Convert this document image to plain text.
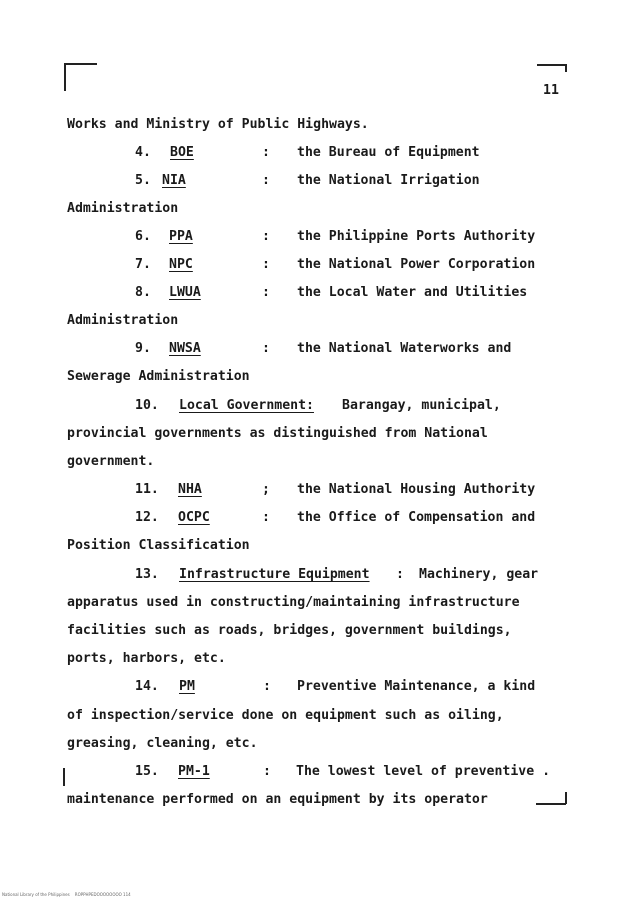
11
Works and Ministry of Public Highways.
4. BOE	: the Bureau of Equipment
5. NIA	: the National Irrigation
Administration
6. PPA	: the Philippine Ports Authority
7. NPC	: the National Power Corporation
8. LWUA	: the Local Water and Utilities
Administration
9. NWSA	: the National Waterworks and
Sewerage Administration
10. Local Government: Barangay, municipal,
provincial governments as distinguished from National
government.
11. NHA	; the National Housing Authority
12. OCPC	: the Office of Compensation and
Position Classification
13. Infrastructure Equipment : Machinery, gear
apparatus used in constructing/maintaining infrastructure
facilities such as roads, bridges, government buildings,
ports, harbors, etc.
14. PM	: Preventive Maintenance, a kind
of inspection/service done on equipment such as oiling,
greasing, cleaning, etc.
15. PM-1	: The lowest level of preventive .
maintenance performed on an equipment by its operator
National Library of the Philippines    ROPPHPEDOOOOOOOO 114
